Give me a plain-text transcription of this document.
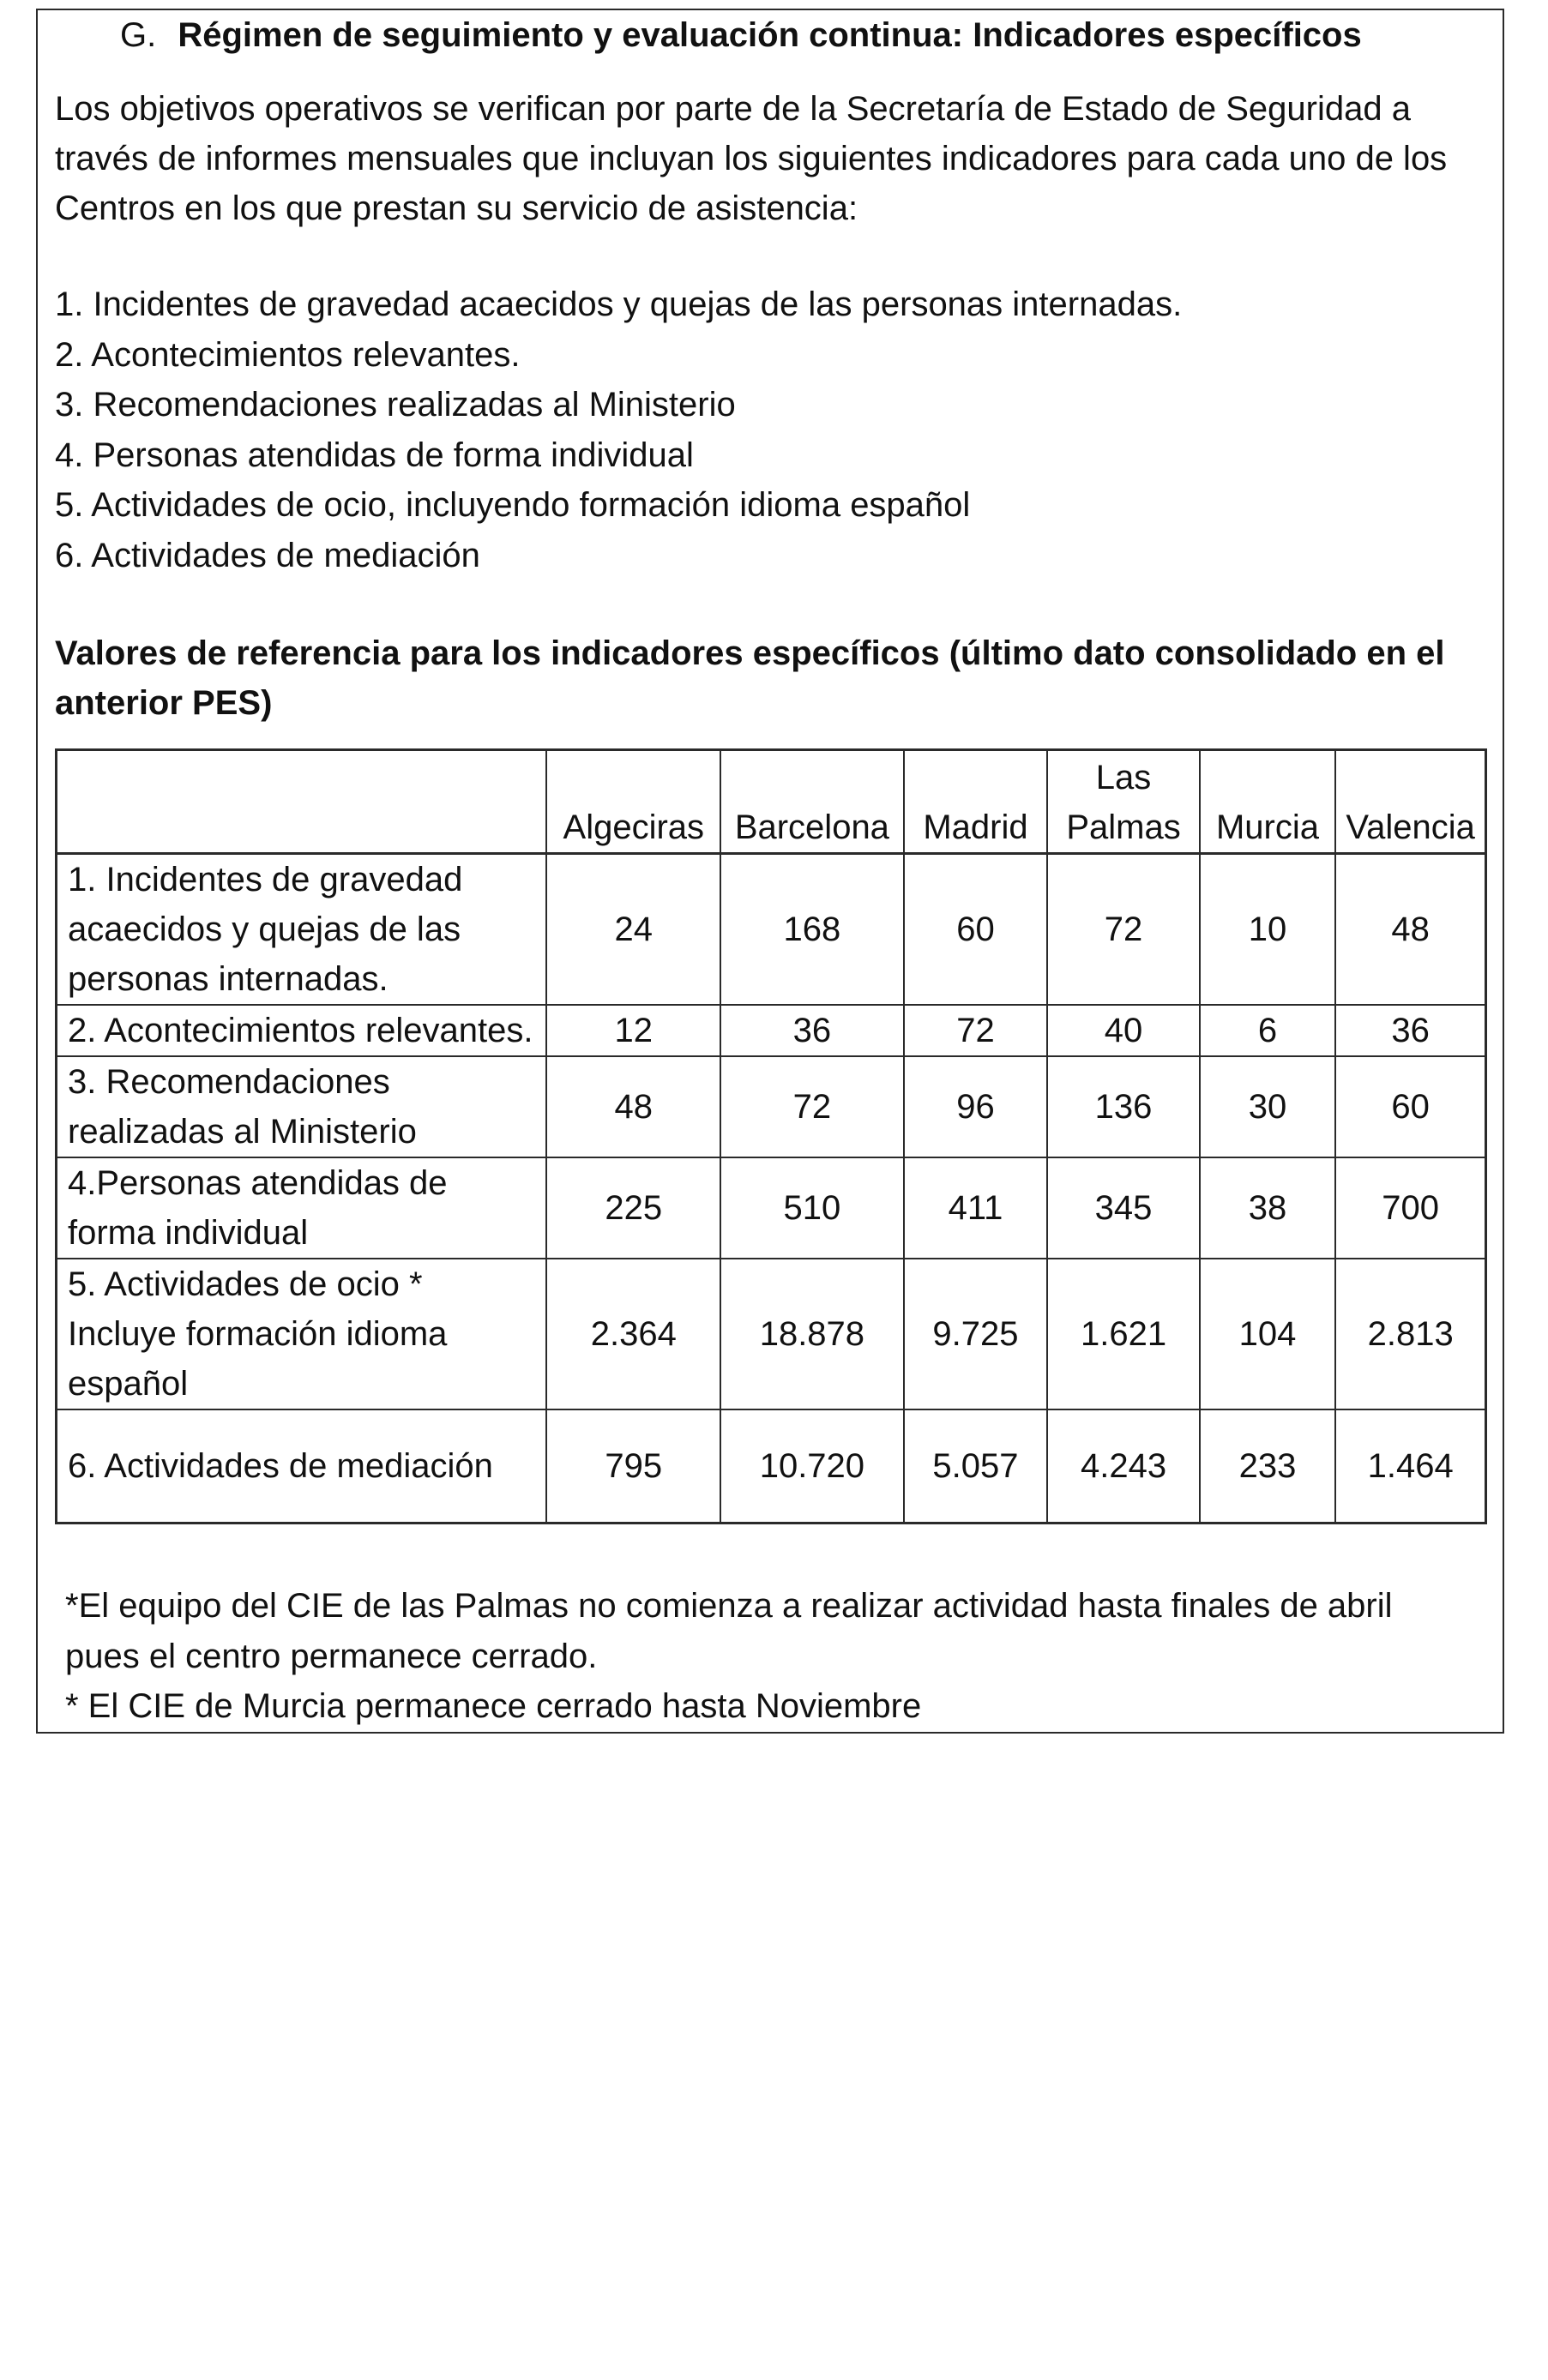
G. Régimen de seguimiento y evaluación continua: Indicadores específicos

Los objetivos operativos se verifican por parte de la Secretaría de Estado de Seguridad a través de informes mensuales que incluyan los siguientes indicadores para cada uno de los Centros en los que prestan su servicio de asistencia:

1. Incidentes de gravedad acaecidos y quejas de las personas internadas.
2. Acontecimientos relevantes.
3. Recomendaciones realizadas al Ministerio
4. Personas atendidas de forma individual
5. Actividades de ocio, incluyendo formación idioma español
6. Actividades de mediación

Valores de referencia para los indicadores específicos (último dato consolidado en el anterior PES)

	Algeciras	Barcelona	Madrid	Las Palmas	Murcia	Valencia
1. Incidentes de gravedad acaecidos y quejas de las personas internadas.	24	168	60	72	10	48
2. Acontecimientos relevantes.	12	36	72	40	6	36
3. Recomendaciones realizadas al Ministerio	48	72	96	136	30	60
4.Personas atendidas de forma individual	225	510	411	345	38	700
5. Actividades de ocio * Incluye formación idioma español	2.364	18.878	9.725	1.621	104	2.813
6. Actividades de mediación	795	10.720	5.057	4.243	233	1.464
*El equipo del CIE de las Palmas no comienza a realizar actividad hasta finales de abril pues el centro permanece cerrado.
* El CIE de Murcia permanece cerrado hasta Noviembre
